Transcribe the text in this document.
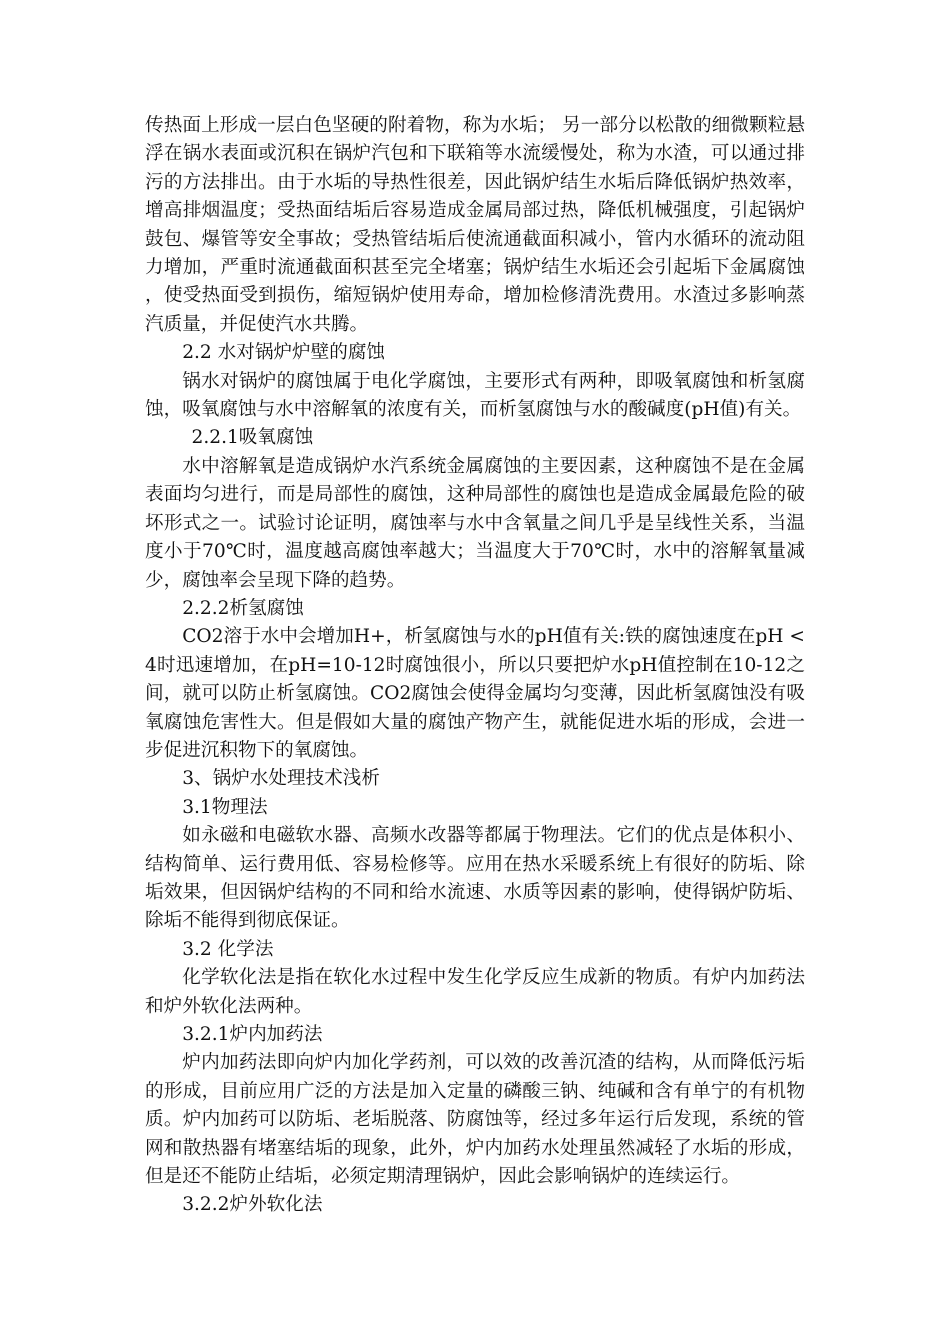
传热面上形成一层白色坚硬的附着物，称为水垢； 另一部分以松散的细微颗粒悬浮在锅水表面或沉积在锅炉汽包和下联箱等水流缓慢处，称为水渣，可以通过排污的方法排出。由于水垢的导热性很差，因此锅炉结生水垢后降低锅炉热效率，增高排烟温度；受热面结垢后容易造成金属局部过热，降低机械强度，引起锅炉鼓包、爆管等安全事故；受热管结垢后使流通截面积减小，管内水循环的流动阻力增加，严重时流通截面积甚至完全堵塞；锅炉结生水垢还会引起垢下金属腐蚀，使受热面受到损伤，缩短锅炉使用寿命，增加检修清洗费用。水渣过多影响蒸汽质量，并促使汽水共腾。

2.2 水对锅炉炉壁的腐蚀

锅水对锅炉的腐蚀属于电化学腐蚀，主要形式有两种，即吸氧腐蚀和析氢腐蚀，吸氧腐蚀与水中溶解氧的浓度有关，而析氢腐蚀与水的酸碱度(pH值)有关。

2.2.1吸氧腐蚀

水中溶解氧是造成锅炉水汽系统金属腐蚀的主要因素，这种腐蚀不是在金属表面均匀进行，而是局部性的腐蚀，这种局部性的腐蚀也是造成金属最危险的破坏形式之一。试验讨论证明，腐蚀率与水中含氧量之间几乎是呈线性关系，当温度小于70℃时，温度越高腐蚀率越大；当温度大于70℃时，水中的溶解氧量减少，腐蚀率会呈现下降的趋势。

2.2.2析氢腐蚀

CO2溶于水中会增加H+，析氢腐蚀与水的pH值有关:铁的腐蚀速度在pH < 4时迅速增加，在pH=10-12时腐蚀很小，所以只要把炉水pH值控制在10-12之间，就可以防止析氢腐蚀。CO2腐蚀会使得金属均匀变薄，因此析氢腐蚀没有吸氧腐蚀危害性大。但是假如大量的腐蚀产物产生，就能促进水垢的形成，会进一步促进沉积物下的氧腐蚀。

3、锅炉水处理技术浅析

3.1物理法

如永磁和电磁软水器、高频水改器等都属于物理法。它们的优点是体积小、结构简单、运行费用低、容易检修等。应用在热水采暖系统上有很好的防垢、除垢效果，但因锅炉结构的不同和给水流速、水质等因素的影响，使得锅炉防垢、除垢不能得到彻底保证。

3.2 化学法

化学软化法是指在软化水过程中发生化学反应生成新的物质。有炉内加药法和炉外软化法两种。

3.2.1炉内加药法

炉内加药法即向炉内加化学药剂，可以效的改善沉渣的结构，从而降低污垢的形成，目前应用广泛的方法是加入定量的磷酸三钠、纯碱和含有单宁的有机物质。炉内加药可以防垢、老垢脱落、防腐蚀等，经过多年运行后发现，系统的管网和散热器有堵塞结垢的现象，此外，炉内加药水处理虽然减轻了水垢的形成，但是还不能防止结垢，必须定期清理锅炉，因此会影响锅炉的连续运行。

3.2.2炉外软化法
